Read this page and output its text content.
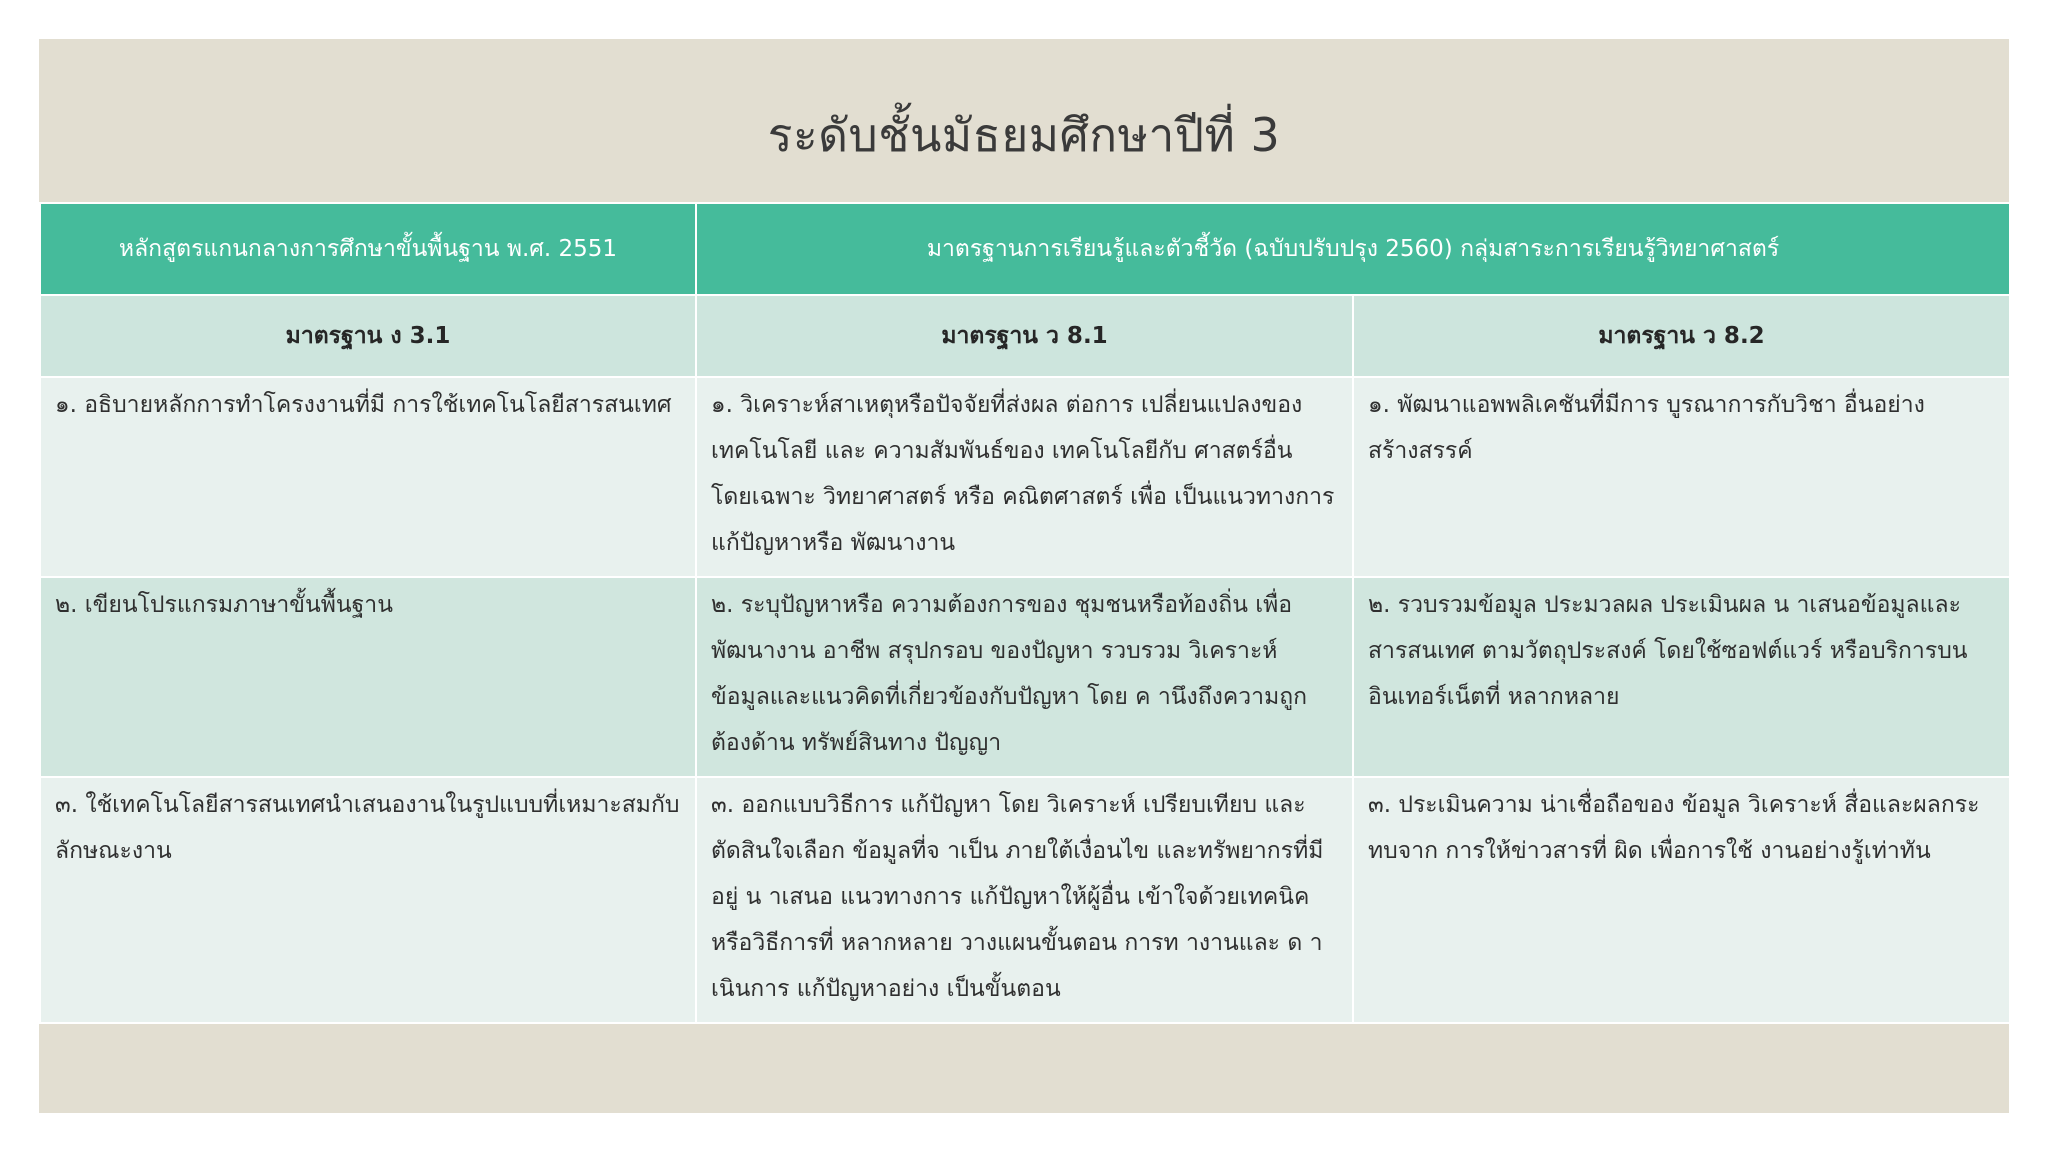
ระดับชั้นมัธยมศึกษาปีที่ 3
หลักสูตรแกนกลางการศึกษาขั้นพื้นฐาน พ.ศ. 2551	มาตรฐานการเรียนรู้และตัวชี้วัด (ฉบับปรับปรุง 2560) กลุ่มสาระการเรียนรู้วิทยาศาสตร์	
มาตรฐาน ง 3.1	มาตรฐาน ว 8.1	มาตรฐาน ว 8.2
๑. อธิบายหลักการทำโครงงานที่มี การใช้เทคโนโลยีสารสนเทศ	๑. วิเคราะห์สาเหตุหรือปัจจัยที่ส่งผล ต่อการ เปลี่ยนแปลงของเทคโนโลยี และ ความสัมพันธ์ของ เทคโนโลยีกับ ศาสตร์อื่น โดยเฉพาะ วิทยาศาสตร์ หรือ คณิตศาสตร์ เพื่อ เป็นแนวทางการ แก้ปัญหาหรือ พัฒนางาน	๑. พัฒนาแอพพลิเคชันที่มีการ บูรณาการกับวิชา อื่นอย่างสร้างสรรค์
๒. เขียนโปรแกรมภาษาขั้นพื้นฐาน	๒. ระบุปัญหาหรือ ความต้องการของ ชุมชนหรือท้องถิ่น เพื่อพัฒนางาน อาชีพ สรุปกรอบ ของปัญหา รวบรวม วิเคราะห์ ข้อมูลและแนวคิดที่เกี่ยวข้องกับปัญหา โดย ค านึงถึงความถูกต้องด้าน ทรัพย์สินทาง ปัญญา	๒. รวบรวมข้อมูล ประมวลผล ประเมินผล น าเสนอข้อมูลและสารสนเทศ ตามวัตถุประสงค์ โดยใช้ซอฟต์แวร์ หรือบริการบน อินเทอร์เน็ตที่ หลากหลาย
๓. ใช้เทคโนโลยีสารสนเทศนำเสนองานในรูปแบบที่เหมาะสมกับลักษณะงาน	๓. ออกแบบวิธีการ แก้ปัญหา โดย วิเคราะห์ เปรียบเทียบ และตัดสินใจเลือก ข้อมูลที่จ าเป็น ภายใต้เงื่อนไข และทรัพยากรที่มี อยู่ น าเสนอ แนวทางการ แก้ปัญหาให้ผู้อื่น เข้าใจด้วยเทคนิค หรือวิธีการที่ หลากหลาย วางแผนขั้นตอน การท างานและ ด าเนินการ แก้ปัญหาอย่าง เป็นขั้นตอน	๓. ประเมินความ น่าเชื่อถือของ ข้อมูล วิเคราะห์ สื่อและผลกระทบจาก การให้ข่าวสารที่ ผิด เพื่อการใช้ งานอย่างรู้เท่าทัน
